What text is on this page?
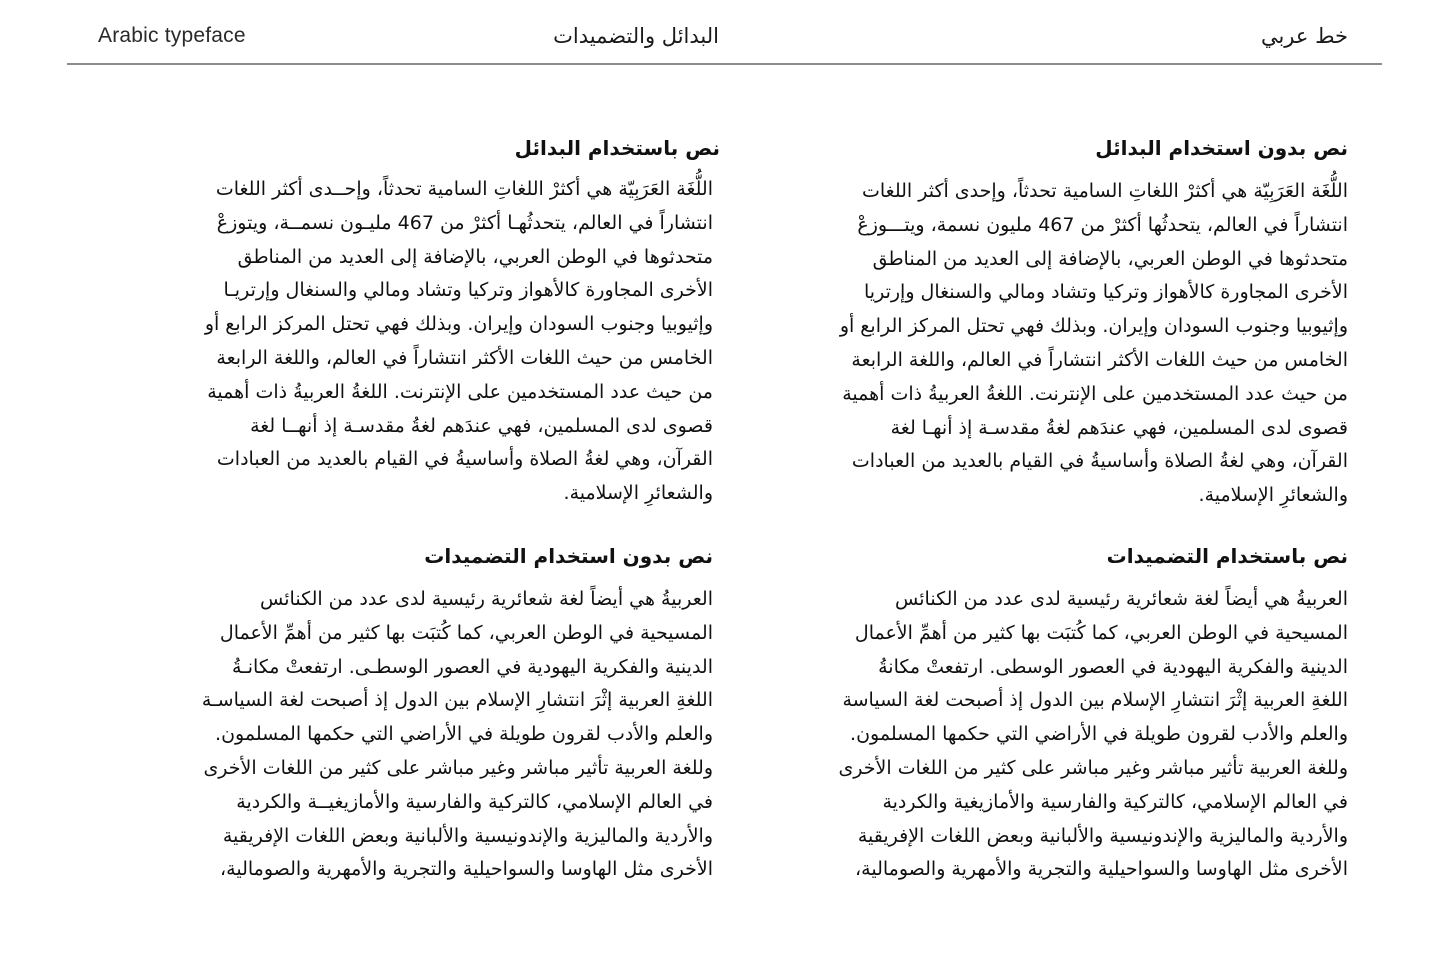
Arabic typeface	البدائل والتضميدات	خط عربي
نص بدون استخدام البدائل
اللُّغَة العَرَبِيّة هي أكثرْ اللغاتِ السامية تحدثاً، وإحدى أكثر اللغات
انتشاراً في العالم، يتحدثُها أكثرْ من 467 مليون نسمة، ويتـــوزعْ
متحدثوها في الوطن العربي، بالإضافة إلى العديد من المناطق
الأخرى المجاورة كالأهواز وتركيا وتشاد ومالي والسنغال وإرتريا
وإثيوبيا وجنوب السودان وإيران. وبذلك فهي تحتل المركز الرابع أو
الخامس من حيث اللغات الأكثر انتشاراً في العالم، واللغة الرابعة
من حيث عدد المستخدمين على الإنترنت. اللغةُ العربيةُ ذات أهمية
قصوى لدى المسلمين، فهي عندَهم لغةُ مقدسـة إذ أنهـا لغة
القرآن، وهي لغةُ الصلاة وأساسيةُ في القيام بالعديد من العبادات
والشعائرِ الإسلامية.
نص باستخدام البدائل
اللُّغَة العَرَبِيّة هي أكثرْ اللغاتِ السامية تحدثاً، وإحــدى أكثر اللغات
انتشاراً في العالم، يتحدثُهـا أكثرْ من 467 مليـون نسمــة، ويتوزعْ
متحدثوها في الوطن العربي، بالإضافة إلى العديد من المناطق
الأخرى المجاورة كالأهواز وتركيا وتشاد ومالي والسنغال وإرتريـا
وإثيوبيا وجنوب السودان وإيران. وبذلك فهي تحتل المركز الرابع أو
الخامس من حيث اللغات الأكثر انتشاراً في العالم، واللغة الرابعة
من حيث عدد المستخدمين على الإنترنت. اللغةُ العربيةُ ذات أهمية
قصوى لدى المسلمين، فهي عندَهم لغةُ مقدسـة إذ أنهــا لغة
القرآن، وهي لغةُ الصلاة وأساسيةُ في القيام بالعديد من العبادات
والشعائرِ الإسلامية.
نص باستخدام التضميدات
العربيةُ هي أيضاً لغة شعائرية رئيسية لدى عدد من الكنائس
المسيحية في الوطن العربي، كما كُتبَت بها كثير من أهمِّ الأعمال
الدينية والفكرية اليهودية في العصور الوسطى. ارتفعتْ مكانةُ
اللغةِ العربية إثْرَ انتشارِ الإسلام بين الدول إذ أصبحت لغة السياسة
والعلم والأدب لقرون طويلة في الأراضي التي حكمها المسلمون.
وللغة العربية تأثير مباشر وغير مباشر على كثير من اللغات الأخرى
في العالم الإسلامي، كالتركية والفارسية والأمازيغية والكردية
والأردية والماليزية والإندونيسية والألبانية وبعض اللغات الإفريقية
الأخرى مثل الهاوسا والسواحيلية والتجرية والأمهرية والصومالية،
نص بدون استخدام التضميدات
العربيةُ هي أيضاً لغة شعائرية رئيسية لدى عدد من الكنائس
المسيحية في الوطن العربي، كما كُتبَت بها كثير من أهمِّ الأعمال
الدينية والفكرية اليهودية في العصور الوسطـى. ارتفعتْ مكانـةُ
اللغةِ العربية إثْرَ انتشارِ الإسلام بين الدول إذ أصبحت لغة السياسـة
والعلم والأدب لقرون طويلة في الأراضي التي حكمها المسلمون.
وللغة العربية تأثير مباشر وغير مباشر على كثير من اللغات الأخرى
في العالم الإسلامي، كالتركية والفارسية والأمازيغيــة والكردية
والأردية والماليزية والإندونيسية والألبانية وبعض اللغات الإفريقية
الأخرى مثل الهاوسا والسواحيلية والتجرية والأمهرية والصومالية،
